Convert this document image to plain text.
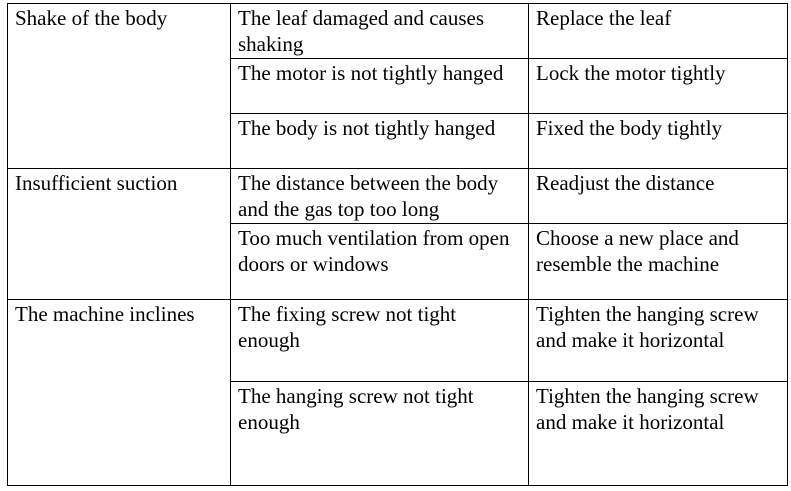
Shake of the body	The leaf damaged and causes shaking	Replace the leaf
	The motor is not tightly hanged	Lock the motor tightly
	The body is not tightly hanged	Fixed the body tightly
Insufficient suction	The distance between the body and the gas top too long	Readjust the distance
	Too much ventilation from open doors or windows	Choose a new place and resemble the machine
The machine inclines	The fixing screw not tight enough	Tighten the hanging screw and make it horizontal
	The hanging screw not tight enough	Tighten the hanging screw and make it horizontal
